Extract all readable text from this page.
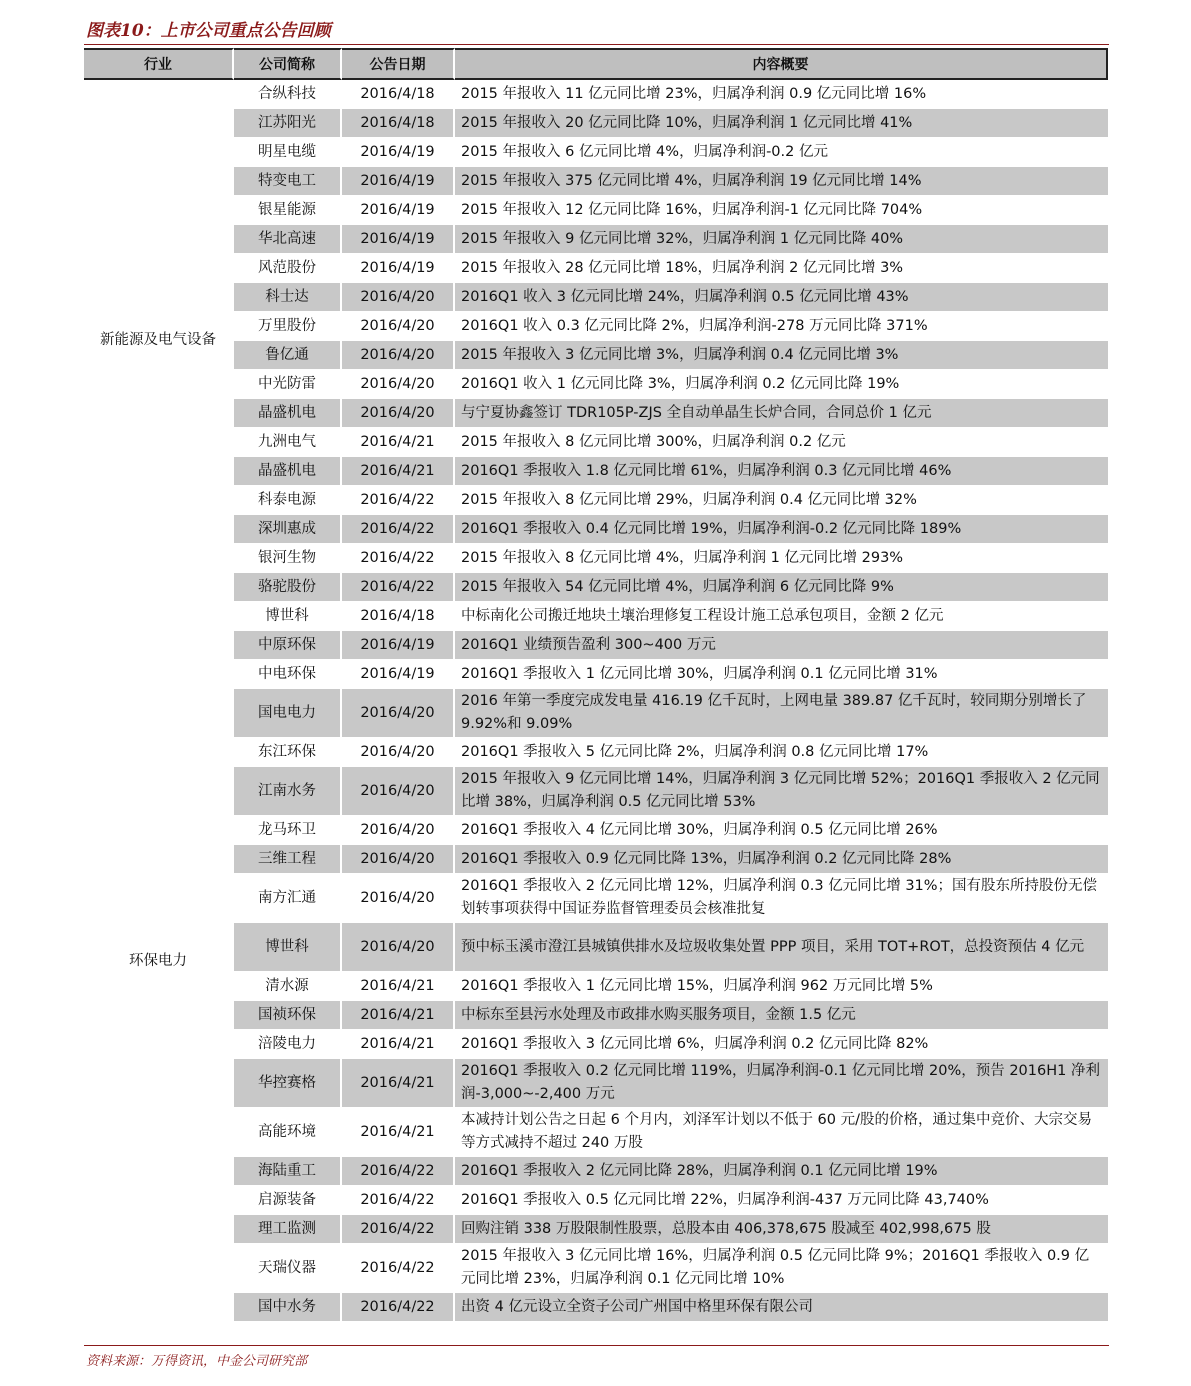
图表10：上市公司重点公告回顾
行业	公司简称	公告日期	内容概要
新能源及电气设备	合纵科技	2016/4/18	2015 年报收入 11 亿元同比增 23%，归属净利润 0.9 亿元同比增 16%
	江苏阳光	2016/4/18	2015 年报收入 20 亿元同比降 10%，归属净利润 1 亿元同比增 41%
	明星电缆	2016/4/19	2015 年报收入 6 亿元同比增 4%，归属净利润-0.2 亿元
	特变电工	2016/4/19	2015 年报收入 375 亿元同比增 4%，归属净利润 19 亿元同比增 14%
	银星能源	2016/4/19	2015 年报收入 12 亿元同比降 16%，归属净利润-1 亿元同比降 704%
	华北高速	2016/4/19	2015 年报收入 9 亿元同比增 32%，归属净利润 1 亿元同比降 40%
	风范股份	2016/4/19	2015 年报收入 28 亿元同比增 18%，归属净利润 2 亿元同比增 3%
	科士达	2016/4/20	2016Q1 收入 3 亿元同比增 24%，归属净利润 0.5 亿元同比增 43%
	万里股份	2016/4/20	2016Q1 收入 0.3 亿元同比降 2%，归属净利润-278 万元同比降 371%
	鲁亿通	2016/4/20	2015 年报收入 3 亿元同比增 3%，归属净利润 0.4 亿元同比增 3%
	中光防雷	2016/4/20	2016Q1 收入 1 亿元同比降 3%，归属净利润 0.2 亿元同比降 19%
	晶盛机电	2016/4/20	与宁夏协鑫签订 TDR105P-ZJS 全自动单晶生长炉合同，合同总价 1 亿元
	九洲电气	2016/4/21	2015 年报收入 8 亿元同比增 300%，归属净利润 0.2 亿元
	晶盛机电	2016/4/21	2016Q1 季报收入 1.8 亿元同比增 61%，归属净利润 0.3 亿元同比增 46%
	科泰电源	2016/4/22	2015 年报收入 8 亿元同比增 29%，归属净利润 0.4 亿元同比增 32%
	深圳惠成	2016/4/22	2016Q1 季报收入 0.4 亿元同比增 19%，归属净利润-0.2 亿元同比降 189%
	银河生物	2016/4/22	2015 年报收入 8 亿元同比增 4%，归属净利润 1 亿元同比增 293%
	骆驼股份	2016/4/22	2015 年报收入 54 亿元同比增 4%，归属净利润 6 亿元同比降 9%
环保电力	博世科	2016/4/18	中标南化公司搬迁地块土壤治理修复工程设计施工总承包项目，金额 2 亿元
	中原环保	2016/4/19	2016Q1 业绩预告盈利 300~400 万元
	中电环保	2016/4/19	2016Q1 季报收入 1 亿元同比增 30%，归属净利润 0.1 亿元同比增 31%
	国电电力	2016/4/20	2016 年第一季度完成发电量 416.19 亿千瓦时，上网电量 389.87 亿千瓦时，较同期分别增长了 9.92%和 9.09%
	东江环保	2016/4/20	2016Q1 季报收入 5 亿元同比降 2%，归属净利润 0.8 亿元同比增 17%
	江南水务	2016/4/20	2015 年报收入 9 亿元同比增 14%，归属净利润 3 亿元同比增 52%；2016Q1 季报收入 2 亿元同比增 38%，归属净利润 0.5 亿元同比增 53%
	龙马环卫	2016/4/20	2016Q1 季报收入 4 亿元同比增 30%，归属净利润 0.5 亿元同比增 26%
	三维工程	2016/4/20	2016Q1 季报收入 0.9 亿元同比降 13%，归属净利润 0.2 亿元同比降 28%
	南方汇通	2016/4/20	2016Q1 季报收入 2 亿元同比增 12%，归属净利润 0.3 亿元同比增 31%；国有股东所持股份无偿划转事项获得中国证券监督管理委员会核准批复
	博世科	2016/4/20	预中标玉溪市澄江县城镇供排水及垃圾收集处置 PPP 项目，采用 TOT+ROT，总投资预估 4 亿元
	清水源	2016/4/21	2016Q1 季报收入 1 亿元同比增 15%，归属净利润 962 万元同比增 5%
	国祯环保	2016/4/21	中标东至县污水处理及市政排水购买服务项目，金额 1.5 亿元
	涪陵电力	2016/4/21	2016Q1 季报收入 3 亿元同比增 6%，归属净利润 0.2 亿元同比降 82%
	华控赛格	2016/4/21	2016Q1 季报收入 0.2 亿元同比增 119%，归属净利润-0.1 亿元同比增 20%，预告 2016H1 净利润-3,000~-2,400 万元
	高能环境	2016/4/21	本减持计划公告之日起 6 个月内，刘泽军计划以不低于 60 元/股的价格，通过集中竞价、大宗交易等方式减持不超过 240 万股
	海陆重工	2016/4/22	2016Q1 季报收入 2 亿元同比降 28%，归属净利润 0.1 亿元同比增 19%
	启源装备	2016/4/22	2016Q1 季报收入 0.5 亿元同比增 22%，归属净利润-437 万元同比降 43,740%
	理工监测	2016/4/22	回购注销 338 万股限制性股票，总股本由 406,378,675 股减至 402,998,675 股
	天瑞仪器	2016/4/22	2015 年报收入 3 亿元同比增 16%，归属净利润 0.5 亿元同比降 9%；2016Q1 季报收入 0.9 亿元同比增 23%，归属净利润 0.1 亿元同比增 10%
	国中水务	2016/4/22	出资 4 亿元设立全资子公司广州国中格里环保有限公司
资料来源：万得资讯，中金公司研究部
